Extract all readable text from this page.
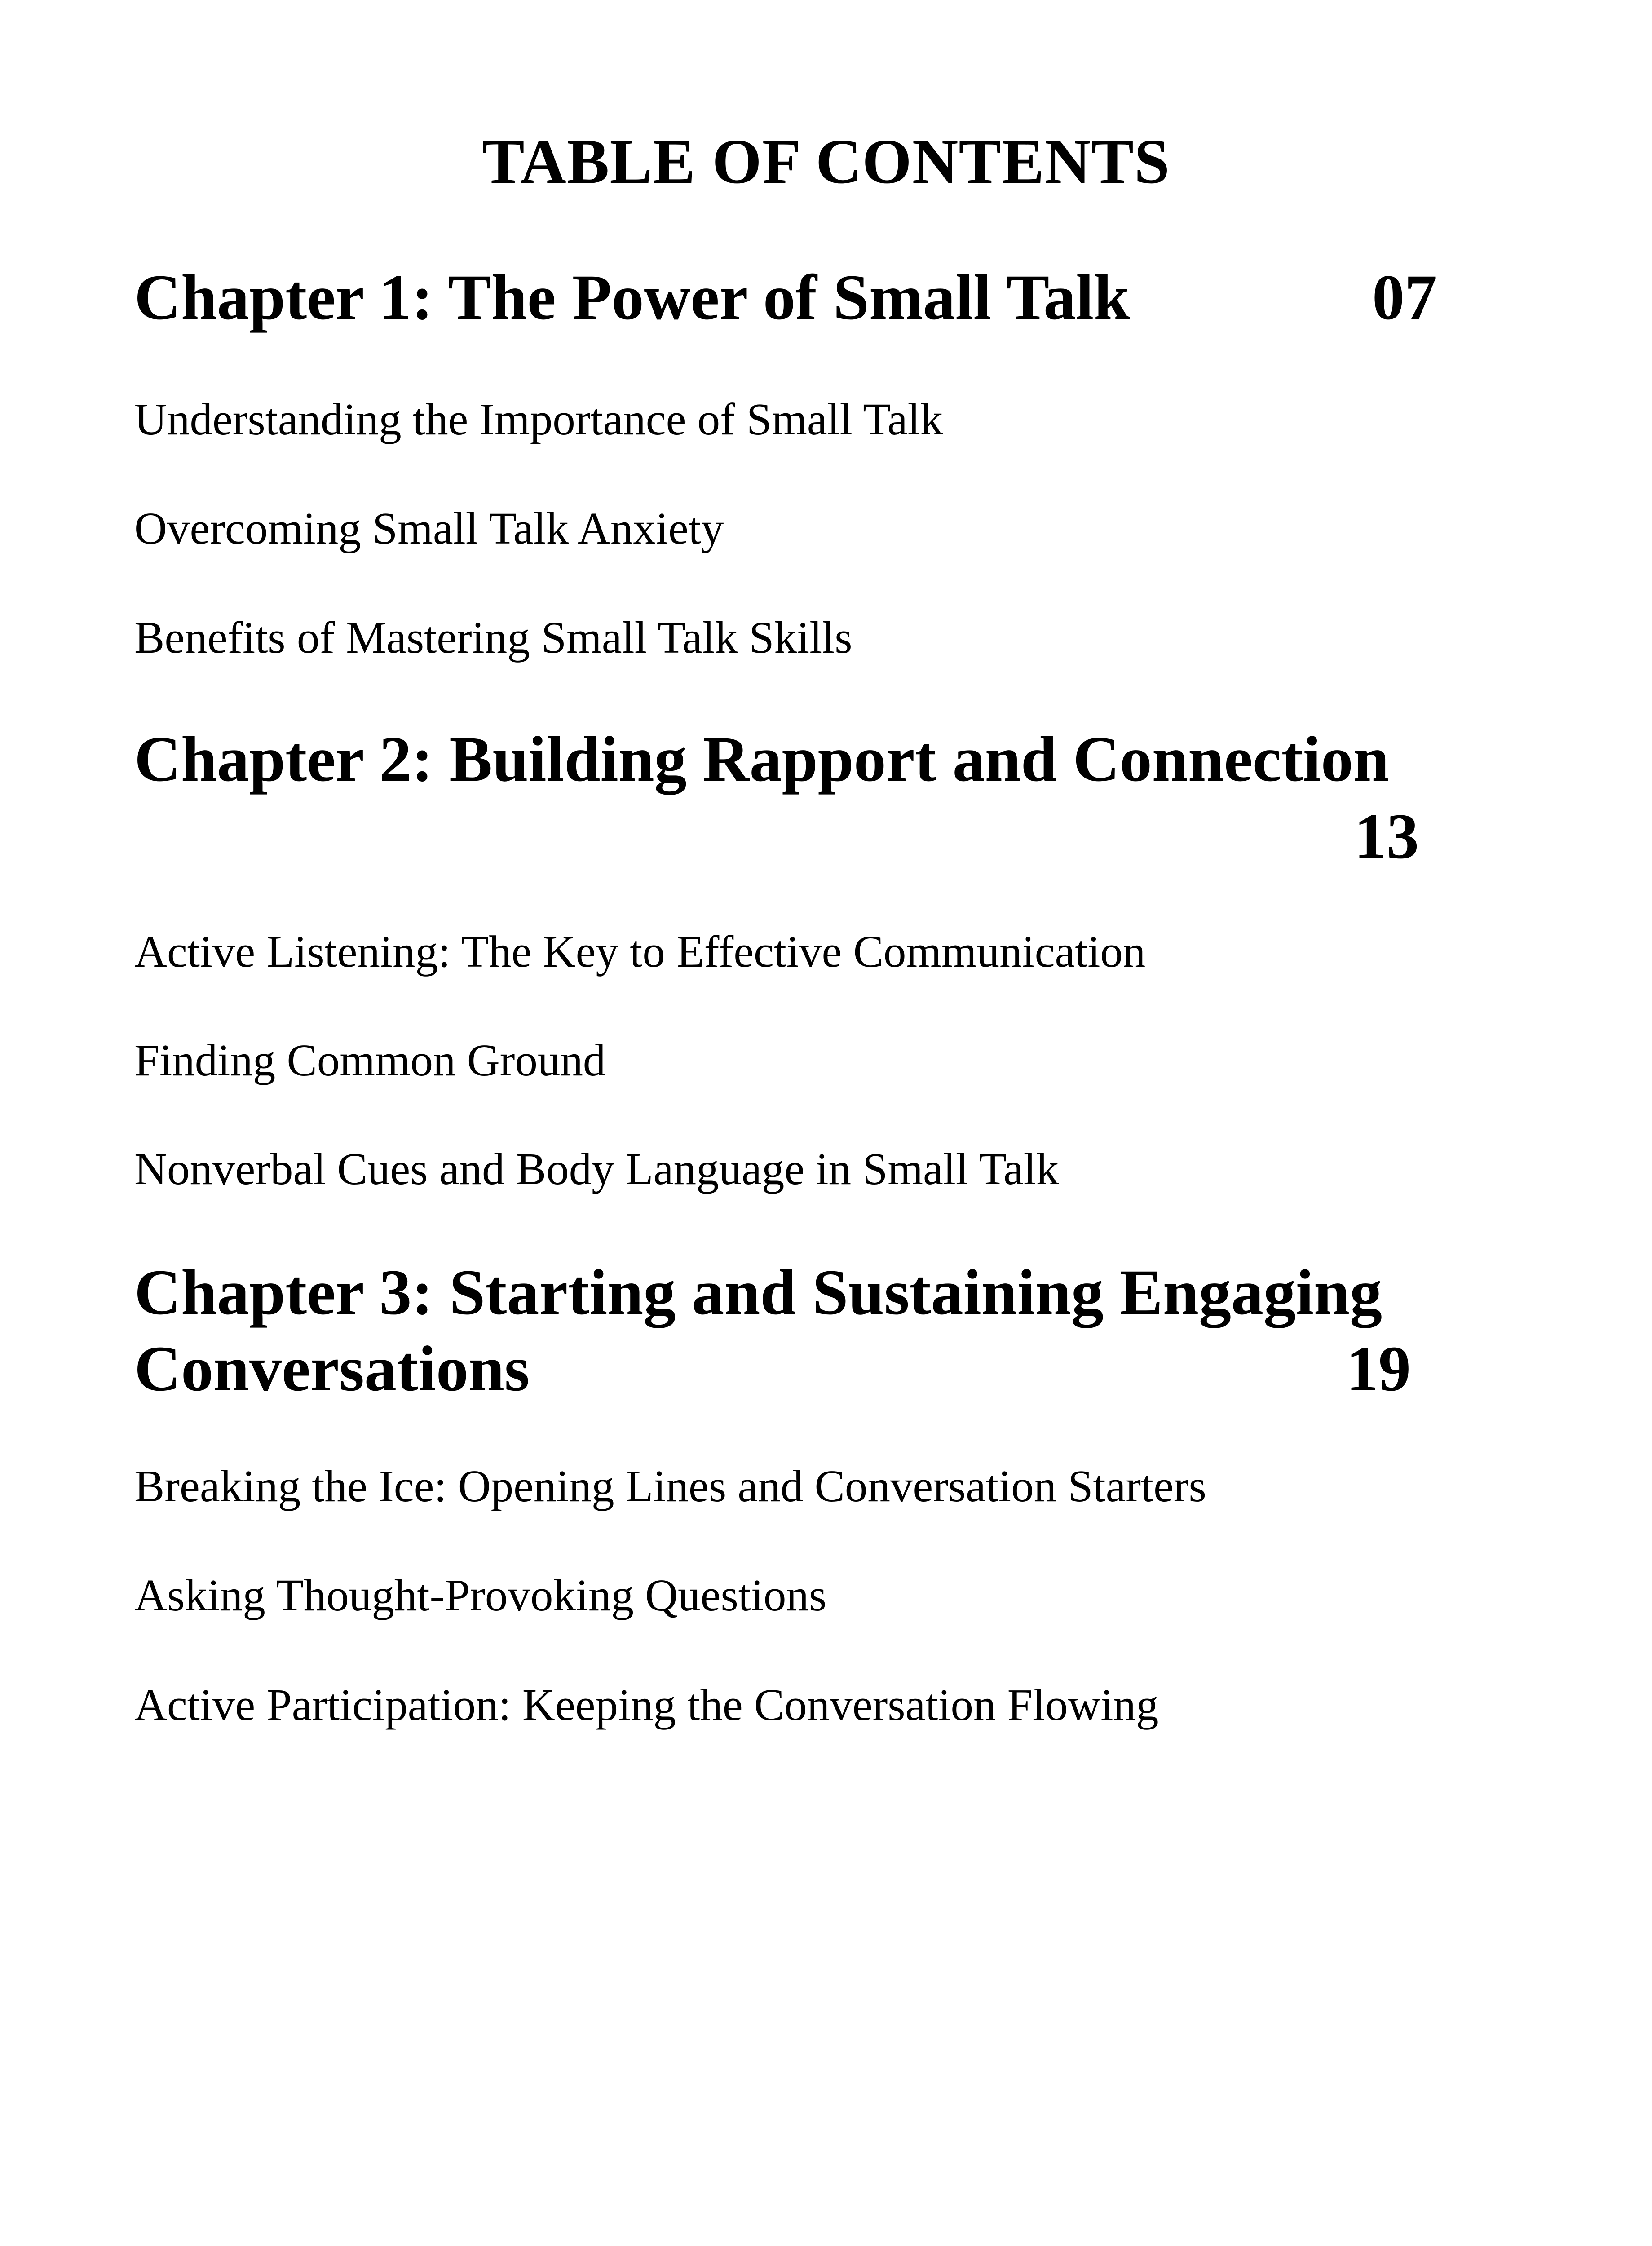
TABLE OF CONTENTS
Chapter 1: The Power of Small Talk	07
Understanding the Importance of Small Talk
Overcoming Small Talk Anxiety
Benefits of Mastering Small Talk Skills
Chapter 2: Building Rapport and Connection
13
Active Listening: The Key to Effective Communication
Finding Common Ground
Nonverbal Cues and Body Language in Small Talk
Chapter 3: Starting and Sustaining Engaging
Conversations	19
Breaking the Ice: Opening Lines and Conversation Starters
Asking Thought-Provoking Questions
Active Participation: Keeping the Conversation Flowing
